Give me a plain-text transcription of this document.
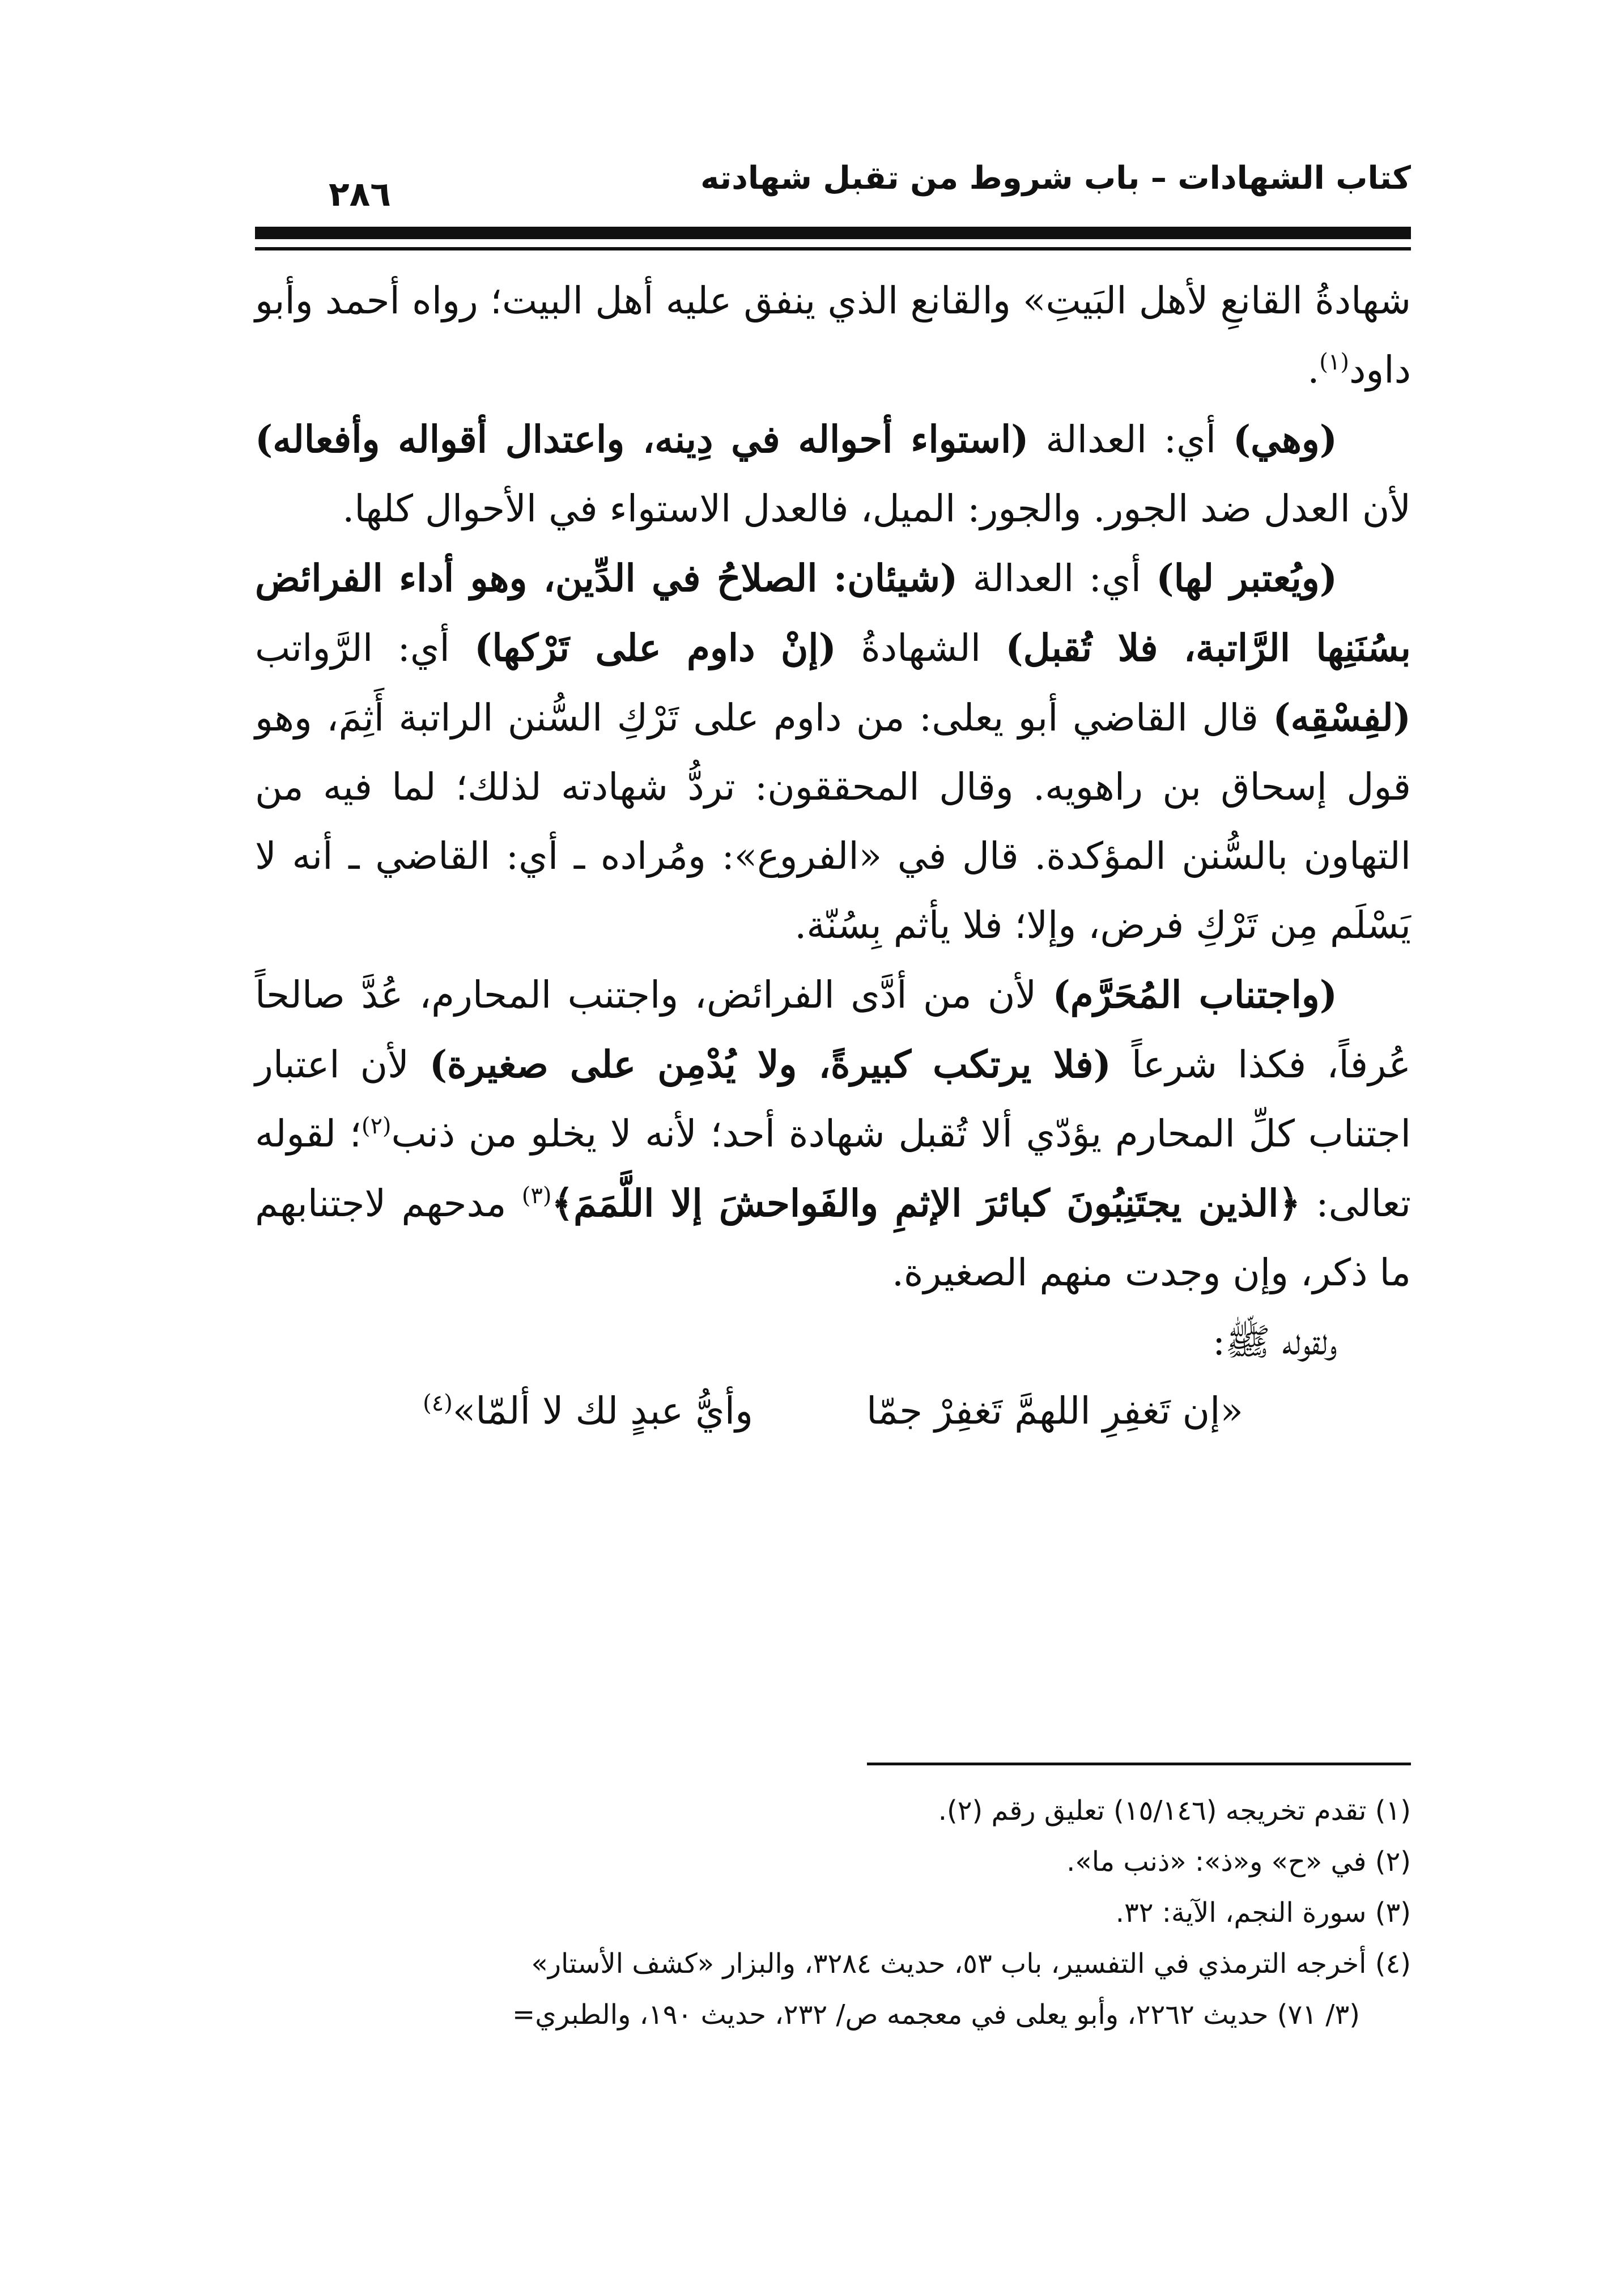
كتاب الشهادات – باب شروط من تقبل شهادته
٢٨٦

شهادةُ القانعِ لأهل البَيتِ» والقانع الذي ينفق عليه أهل البيت؛ رواه أحمد وأبو داود$^{(١)}$.

(وهي) أي: العدالة (استواء أحواله في دِينه، واعتدال أقواله وأفعاله) لأن العدل ضد الجور. والجور: الميل، فالعدل الاستواء في الأحوال كلها.

(ويُعتبر لها) أي: العدالة (شيئان: الصلاحُ في الدِّين، وهو أداء الفرائض بسُنَنِها الرَّاتبة، فلا تُقبل) الشهادةُ (إنْ داوم على تَرْكها) أي: الرَّواتب (لفِسْقِه) قال القاضي أبو يعلى: من داوم على تَرْكِ السُّنن الراتبة أَثِمَ، وهو قول إسحاق بن راهويه. وقال المحققون: تردُّ شهادته لذلك؛ لما فيه من التهاون بالسُّنن المؤكدة. قال في «الفروع»: ومُراده ـ أي: القاضي ـ أنه لا يَسْلَم مِن تَرْكِ فرض، وإلا؛ فلا يأثم بِسُنّة.

(واجتناب المُحَرَّم) لأن من أدَّى الفرائض، واجتنب المحارم، عُدَّ صالحاً عُرفاً، فكذا شرعاً (فلا يرتكب كبيرةً، ولا يُدْمِن على صغيرة) لأن اعتبار اجتناب كلِّ المحارم يؤدّي ألا تُقبل شهادة أحد؛ لأنه لا يخلو من ذنب$^{(٢)}$؛ لقوله تعالى: ﴿الذين يجتَنِبُونَ كبائرَ الإثمِ والفَواحشَ إلا اللَّمَمَ﴾$^{(٣)}$ مدحهم لاجتنابهم ما ذكر، وإن وجدت منهم الصغيرة.

ولقوله ﷺ:

«إن تَغفِرِ اللهمَّ تَغفِرْ جمّاوأيُّ عبدٍ لك لا ألمّا»$^{(٤)}$

(١) تقدم تخريجه (١٥/١٤٦) تعليق رقم (٢).

(٢) في «ح» و«ذ»: «ذنب ما».

(٣) سورة النجم، الآية: ٣٢.

(٤) أخرجه الترمذي في التفسير، باب ٥٣، حديث ٣٢٨٤، والبزار «كشف الأستار»

(٣/ ٧١) حديث ٢٢٦٢، وأبو يعلى في معجمه ص/ ٢٣٢، حديث ١٩٠، والطبري=
